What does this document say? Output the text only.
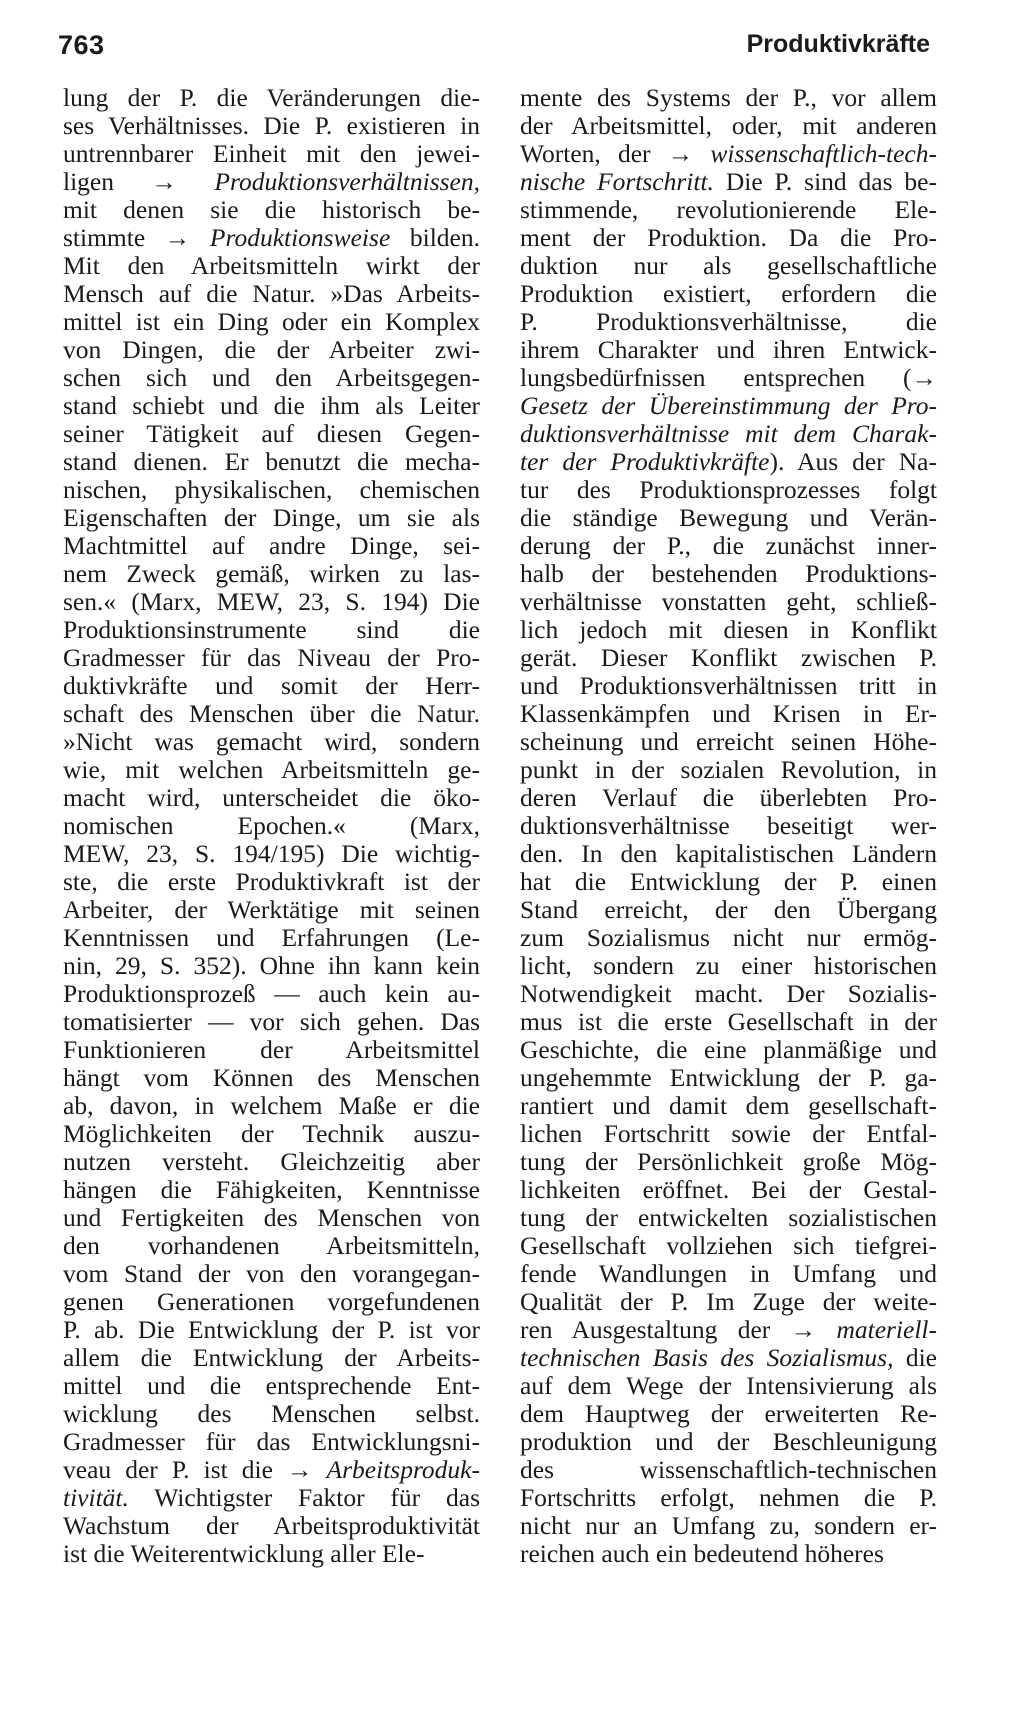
763	Produktivkräfte
lung der P. die Veränderungen die-
ses Verhältnisses. Die P. existieren in
untrennbarer Einheit mit den jewei-
ligen → Produktionsverhältnissen,
mit denen sie die historisch be-
stimmte → Produktionsweise bilden.
Mit den Arbeitsmitteln wirkt der
Mensch auf die Natur. »Das Arbeits-
mittel ist ein Ding oder ein Komplex
von Dingen, die der Arbeiter zwi-
schen sich und den Arbeitsgegen-
stand schiebt und die ihm als Leiter
seiner Tätigkeit auf diesen Gegen-
stand dienen. Er benutzt die mecha-
nischen, physikalischen, chemischen
Eigenschaften der Dinge, um sie als
Machtmittel auf andre Dinge, sei-
nem Zweck gemäß, wirken zu las-
sen.« (Marx, MEW, 23, S. 194) Die
Produktionsinstrumente sind die
Gradmesser für das Niveau der Pro-
duktivkräfte und somit der Herr-
schaft des Menschen über die Natur.
»Nicht was gemacht wird, sondern
wie, mit welchen Arbeitsmitteln ge-
macht wird, unterscheidet die öko-
nomischen Epochen.« (Marx,
MEW, 23, S. 194/195) Die wichtig-
ste, die erste Produktivkraft ist der
Arbeiter, der Werktätige mit seinen
Kenntnissen und Erfahrungen (Le-
nin, 29, S. 352). Ohne ihn kann kein
Produktionsprozeß — auch kein au-
tomatisierter — vor sich gehen. Das
Funktionieren der Arbeitsmittel
hängt vom Können des Menschen
ab, davon, in welchem Maße er die
Möglichkeiten der Technik auszu-
nutzen versteht. Gleichzeitig aber
hängen die Fähigkeiten, Kenntnisse
und Fertigkeiten des Menschen von
den vorhandenen Arbeitsmitteln,
vom Stand der von den vorangegan-
genen Generationen vorgefundenen
P. ab. Die Entwicklung der P. ist vor
allem die Entwicklung der Arbeits-
mittel und die entsprechende Ent-
wicklung des Menschen selbst.
Gradmesser für das Entwicklungsni-
veau der P. ist die → Arbeitsproduk-
tivität. Wichtigster Faktor für das
Wachstum der Arbeitsproduktivität
ist die Weiterentwicklung aller Ele-
mente des Systems der P., vor allem
der Arbeitsmittel, oder, mit anderen
Worten, der → wissenschaftlich-tech-
nische Fortschritt. Die P. sind das be-
stimmende, revolutionierende Ele-
ment der Produktion. Da die Pro-
duktion nur als gesellschaftliche
Produktion existiert, erfordern die
P. Produktionsverhältnisse, die
ihrem Charakter und ihren Entwick-
lungsbedürfnissen entsprechen (→
Gesetz der Übereinstimmung der Pro-
duktionsverhältnisse mit dem Charak-
ter der Produktivkräfte). Aus der Na-
tur des Produktionsprozesses folgt
die ständige Bewegung und Verän-
derung der P., die zunächst inner-
halb der bestehenden Produktions-
verhältnisse vonstatten geht, schließ-
lich jedoch mit diesen in Konflikt
gerät. Dieser Konflikt zwischen P.
und Produktionsverhältnissen tritt in
Klassenkämpfen und Krisen in Er-
scheinung und erreicht seinen Höhe-
punkt in der sozialen Revolution, in
deren Verlauf die überlebten Pro-
duktionsverhältnisse beseitigt wer-
den. In den kapitalistischen Ländern
hat die Entwicklung der P. einen
Stand erreicht, der den Übergang
zum Sozialismus nicht nur ermög-
licht, sondern zu einer historischen
Notwendigkeit macht. Der Sozialis-
mus ist die erste Gesellschaft in der
Geschichte, die eine planmäßige und
ungehemmte Entwicklung der P. ga-
rantiert und damit dem gesellschaft-
lichen Fortschritt sowie der Entfal-
tung der Persönlichkeit große Mög-
lichkeiten eröffnet. Bei der Gestal-
tung der entwickelten sozialistischen
Gesellschaft vollziehen sich tiefgrei-
fende Wandlungen in Umfang und
Qualität der P. Im Zuge der weite-
ren Ausgestaltung der → materiell-
technischen Basis des Sozialismus, die
auf dem Wege der Intensivierung als
dem Hauptweg der erweiterten Re-
produktion und der Beschleunigung
des wissenschaftlich-technischen
Fortschritts erfolgt, nehmen die P.
nicht nur an Umfang zu, sondern er-
reichen auch ein bedeutend höheres
